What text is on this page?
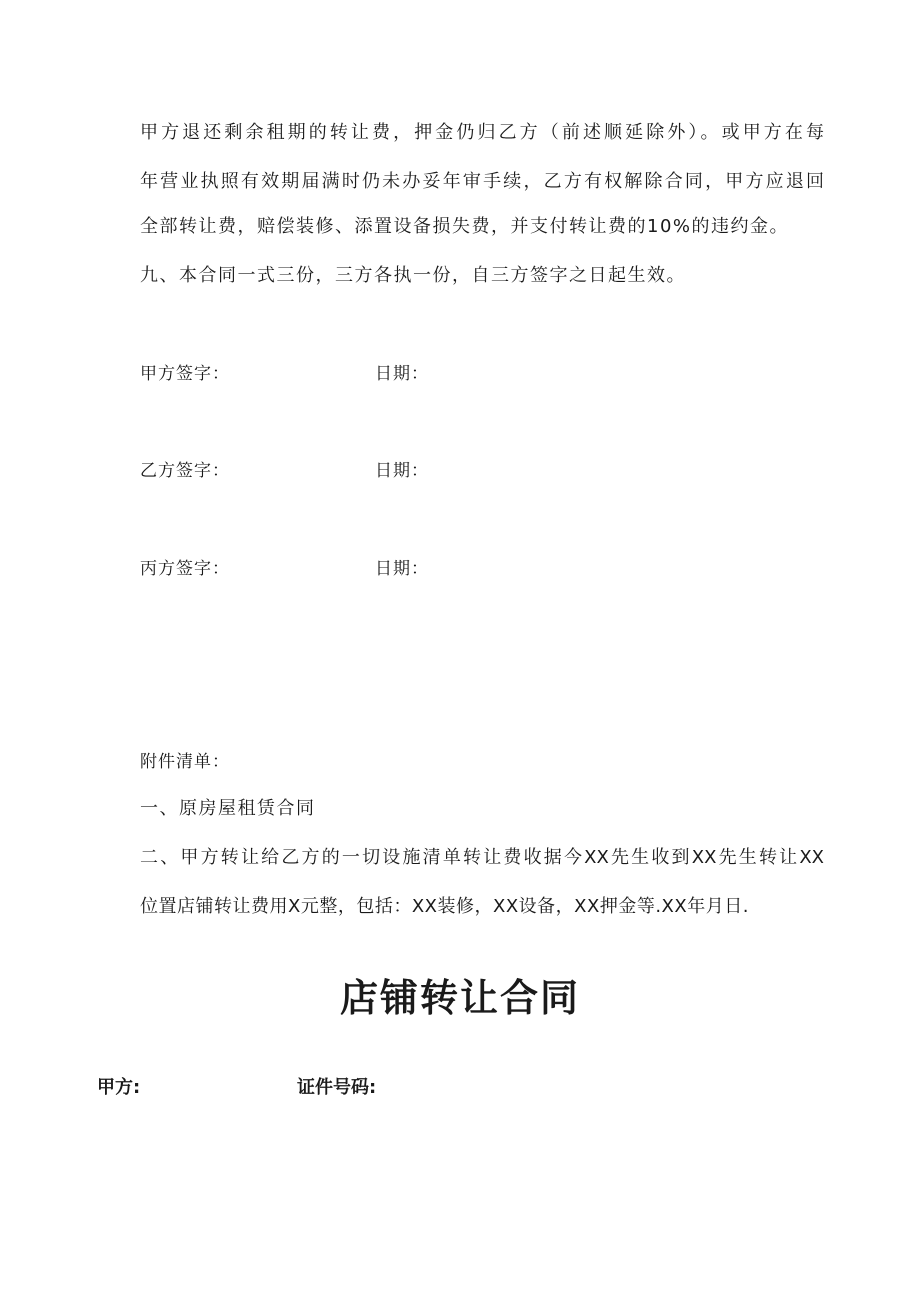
甲方退还剩余租期的转让费，押金仍归乙方（前述顺延除外）。或甲方在每
年营业执照有效期届满时仍未办妥年审手续，乙方有权解除合同，甲方应退回
全部转让费，赔偿装修、添置设备损失费，并支付转让费的10%的违约金。
九、本合同一式三份，三方各执一份，自三方签字之日起生效。
甲方签字：	日期：
乙方签字：	日期：
丙方签字：	日期：
附件清单：
一、原房屋租赁合同
二、甲方转让给乙方的一切设施清单转让费收据今XX先生收到XX先生转让XX
位置店铺转让费用X元整，包括：XX装修，XX设备，XX押金等.XX年月日.
店铺转让合同
甲方:	证件号码:
